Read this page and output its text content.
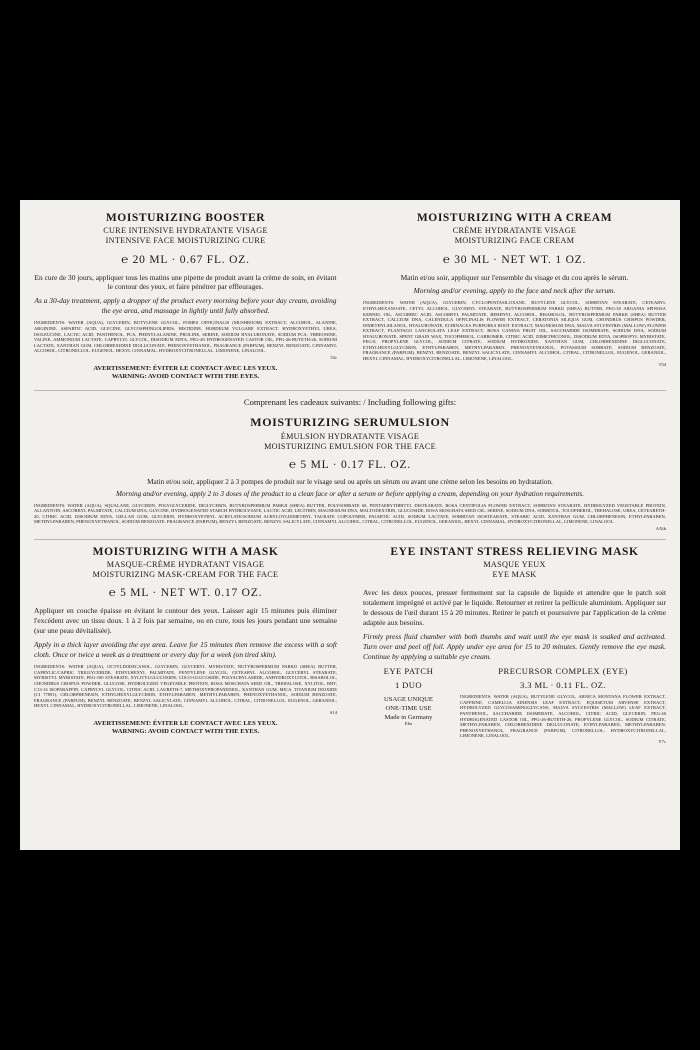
MOISTURIZING BOOSTER

CURE INTENSIVE HYDRATANTE VISAGE

INTENSIVE FACE MOISTURIZING CURE

℮ 20 ML · 0.67 FL. OZ.

En cure de 30 jours, appliquer tous les matins une pipette de produit avant la crème de soin, en évitant le contour des yeux, et faire pénétrer par effleurages.

As a 30-day treatment, apply a dropper of the product every morning before your day cream, avoiding the eye area, and massage in lightly until fully absorbed.

INGREDIENTS: WATER (AQUA), GLYCERIN, BUTYLENE GLYCOL, FOMES OFFICINALIS (MUSHROOM) EXTRACT, ALCOHOL, ALANINE, ARGININE, ASPARTIC ACID, GLYCINE, GLYCOSPHINGOLIPIDS, HISTIDINE, HORDEUM VULGARE EXTRACT, HYDROXYETHYL UREA, ISOLEUCINE, LACTIC ACID, PANTHENOL, PCA, PHENYLALANINE, PROLINE, SERINE, SODIUM HYALURONATE, SODIUM PCA, THREONINE, VALINE, AMMONIUM LACTATE, CAPRYLYL GLYCOL, DISODIUM EDTA, PEG-40 HYDROGENATED CASTOR OIL, PPG-26-BUTETH-26, SODIUM LACTATE, XANTHAN GUM, CHLORHEXIDINE DIGLUCONATE, PHENOXYETHANOL, FRAGRANCE (PARFUM), BENZYL BENZOATE, CINNAMYL ALCOHOL, CITRONELLOL, EUGENOL, HEXYL CINNAMAL, HYDROXYCITRONELLAL, LIMONENE, LINALOOL.

53c

AVERTISSEMENT: ÉVITER LE CONTACT AVEC LES YEUX.
WARNING: AVOID CONTACT WITH THE EYES.

MOISTURIZING WITH A CREAM

CRÈME HYDRATANTE VISAGE

MOISTURIZING FACE CREAM

℮ 30 ML · NET WT. 1 OZ.

Matin et/ou soir, appliquer sur l'ensemble du visage et du cou après le sérum.

Morning and/or evening, apply to the face and neck after the serum.

INGREDIENTS: WATER (AQUA), GLYCERIN, CYCLOPENTASILOXANE, BUTYLENE GLYCOL, SORBITAN STEARATE, CETEARYL ETHYLHEXANOATE, CETYL ALCOHOL, GLYCERYL STEARATE, BUTYROSPERMUM PARKII (SHEA) BUTTER, PEG-30 ARGANIA SPINOSA KERNEL OIL, ASCORBIC ACID, ASCORBYL PALMITATE, BEHENYL ALCOHOL, BISABOLOL, BUTYROSPERMUM PARKII (SHEA) BUTTER EXTRACT, CALCIUM DNA, CALENDULA OFFICINALIS FLOWER EXTRACT, CERATONIA SILIQUA GUM, CHONDRUS CRISPUS POWDER, DIMETHYLSILANOL, HYALURONATE, ECHINACEA PURPUREA ROOT EXTRACT, MAGNESIUM DNA, MALVA SYLVESTRIS (MALLOW) FLOWER EXTRACT, PLANTAGO LANCEOLATA LEAF EXTRACT, ROSA CANINA FRUIT OIL, SACCHARIDE ISOMERATE, SODIUM DNA, SODIUM HYALURONATE, SPENT GRAIN WAX, TOCOPHEROL, CARBOMER, CITRIC ACID, DIMETHICONOL, DISODIUM EDTA, ISOPROPYL MYRISTATE, PEG-8, PROPYLENE GLYCOL, SODIUM CITRATE, SODIUM HYDROXIDE, XANTHAN GUM, CHLORHEXIDINE DIGLUCONATE, ETHYLHEXYLGLYCERIN, ETHYLPARABEN, METHYLPARABEN, PHENOXYETHANOL, POTASSIUM SORBATE, SODIUM BENZOATE, FRAGRANCE (PARFUM), BENZYL BENZOATE, BENZYL SALICYLATE, CINNAMYL ALCOHOL, CITRAL, CITRONELLOL, EUGENOL, GERANIOL, HEXYL CINNAMAL, HYDROXYCITRONELLAL, LIMONENE, LINALOOL.

T34

Comprenant les cadeaux suivants: / Including following gifts:

MOISTURIZING SERUMULSION

ÉMULSION HYDRATANTE VISAGE

MOISTURIZING EMULSION FOR THE FACE

℮ 5 ML · 0.17 FL. OZ.

Matin et/ou soir, appliquer 2 à 3 pompes de produit sur le visage seul ou après un sérum ou avant une crème selon les besoins en hydratation.

Morning and/or evening, apply 2 to 3 doses of the product to a clean face or after a serum or before applying a cream, depending on your hydration requirements.

INGREDIENTS: WATER (AQUA), SQUALANE, GLYCERIN, POLYGLYCERIDE, DIGLYCERIN, BUTYROSPERMUM PARKII (SHEA) BUTTER, POLYSORBATE 60, PENTAERYTHRITYL DISTEARATE, ROSA CENTIFOLIA FLOWER EXTRACT, SORBITAN STEARATE, HYDROLYZED VEGETABLE PROTEIN, ALLANTOIN, ASCORBYL PALMITATE, CALCIUM DNA, GLYCINE, HYDROGENATED STARCH HYDROLYSATE, LACTIC ACID, LECITHIN, MAGNESIUM DNA, MALTODEXTRIN, GLUCOSIDE, ROSA MOSCHATA SEED OIL, SERINE, SODIUM DNA, SORBITOL, TOCOPHEROL, TREHALOSE, UREA, CETEARETH-20, CITRIC ACID, DISODIUM EDTA, GELLAN GUM, GLYCERIN, HYDROXYETHYL ACRYLATE/SODIUM ACRYLOYLDIMETHYL TAURATE COPOLYMER, PALMITIC ACID, SODIUM LACTATE, SORBITAN ISOSTEARATE, STEARIC ACID, XANTHAN GUM, CHLORPHENESIN, ETHYLPARABEN, METHYLPARABEN, PHENOXYETHANOL, SODIUM BENZOATE, FRAGRANCE (PARFUM), BENZYL BENZOATE, BENZYL SALICYLATE, CINNAMYL ALCOHOL, CITRAL, CITRONELLOL, EUGENOL, GERANIOL, HEXYL CINNAMAL, HYDROXYCITRONELLAL, LIMONENE, LINALOOL.

AXib

MOISTURIZING WITH A MASK

MASQUE-CRÈME HYDRATANT VISAGE

MOISTURIZING MASK-CREAM FOR THE FACE

℮ 5 ML · NET WT. 0.17 OZ.

Appliquer en couche épaisse en évitant le contour des yeux. Laisser agir 15 minutes puis éliminer l'excédent avec un tissu doux. 1 à 2 fois par semaine, ou en cure, tous les jours pendant une semaine (sur une peau dévitalisée).

Apply in a thick layer avoiding the eye area. Leave for 15 minutes then remove the excess with a soft cloth. Once or twice a week as a treatment or every day for a week (on tired skin).

INGREDIENTS: WATER (AQUA), OCTYLDODECANOL, GLYCERIN, GLYCERYL MYRISTATE, BUTYROSPERMUM PARKII (SHEA) BUTTER, CAPRYLIC/CAPRIC TRIGLYCERIDE, ETHYLHEXYL PALMITATE, PENTYLENE GLYCOL, CETEARYL ALCOHOL, GLYCERYL STEARATE, MYRISTYL MYRISTATE, PEG-100 STEARATE, XYLITYLGLUCOSIDE, COCO-GLUCOSIDE, POLYACRYLAMIDE, ANHYDROXYLITOL, BISABOLOL, CHONDRUS CRISPUS POWDER, GLUCOSE, HYDROLYZED VEGETABLE PROTEIN, ROSA MOSCHATA SEED OIL, TREHALOSE, XYLITOL, BHT, C13-14 ISOPARAFFIN, CAPRYLYL GLYCOL, CITRIC ACID, LAURETH-7, METHOXYPROPANEDIOL, XANTHAN GUM, MICA, TITANIUM DIOXIDE (CI 77891), CHLORPHENESIN, ETHYLHEXYLGLYCERIN, ETHYLPARABEN, METHYLPARABEN, PHENOXYETHANOL, SODIUM BENZOATE, FRAGRANCE (PARFUM), BENZYL BENZOATE, BENZYL SALICYLATE, CINNAMYL ALCOHOL, CITRAL, CITRONELLOL, EUGENOL, GERANIOL, HEXYL CINNAMAL, HYDROXYCITRONELLAL, LIMONENE, LINALOOL.

S14

AVERTISSEMENT: ÉVITER LE CONTACT AVEC LES YEUX.
WARNING: AVOID CONTACT WITH THE EYES.

EYE INSTANT STRESS RELIEVING MASK

MASQUE YEUX

EYE MASK

Avec les deux pouces, presser fermement sur la capsule de liquide et attendre que le patch soit totalement imprégné et activé par le liquide. Retourner et retirer la pellicule aluminium. Appliquer sur le dessous de l'œil durant 15 à 20 minutes. Retirer le patch et poursuivre par l'application de la crème adaptée aux besoins.

Firmly press fluid chamber with both thumbs and wait until the eye mask is soaked and activated. Turn over and peel off foil. Apply under eye area for 15 to 20 minutes. Gently remove the eye mask. Continue by applying a suitable eye cream.

EYE PATCH
1 DUO
USAGE UNIQUE
ONE-TIME USE
Made in Germany
E6a
PRECURSOR COMPLEX (EYE)
3.3 ML · 0.11 FL. OZ.
INGREDIENTS: WATER (AQUA), BUTYLENE GLYCOL, ARNICA MONTANA FLOWER EXTRACT, CAFFEINE, CAMELLIA SINENSIS LEAF EXTRACT, EQUISETUM ARVENSE EXTRACT, HYDROLYZED GLYCOSAMINOGLYCANS, MALVA SYLVESTRIS (MALLOW) LEAF EXTRACT, PANTHENOL, SACCHARIDE ISOMERATE, ALCOHOL, CITRIC ACID, GLYCERIN, PEG-40 HYDROGENATED CASTOR OIL, PPG-26-BUTETH-26, PROPYLENE GLYCOL, SODIUM CITRATE, METHYLPARABEN, CHLORHEXIDINE DIGLUCONATE, ETHYLPARABEN, METHYLPARABEN, PHENOXYETHANOL, FRAGRANCE (PARFUM), CITRONELLOL, HYDROXYCITRONELLAL, LIMONENE, LINALOOL.
Y7c
